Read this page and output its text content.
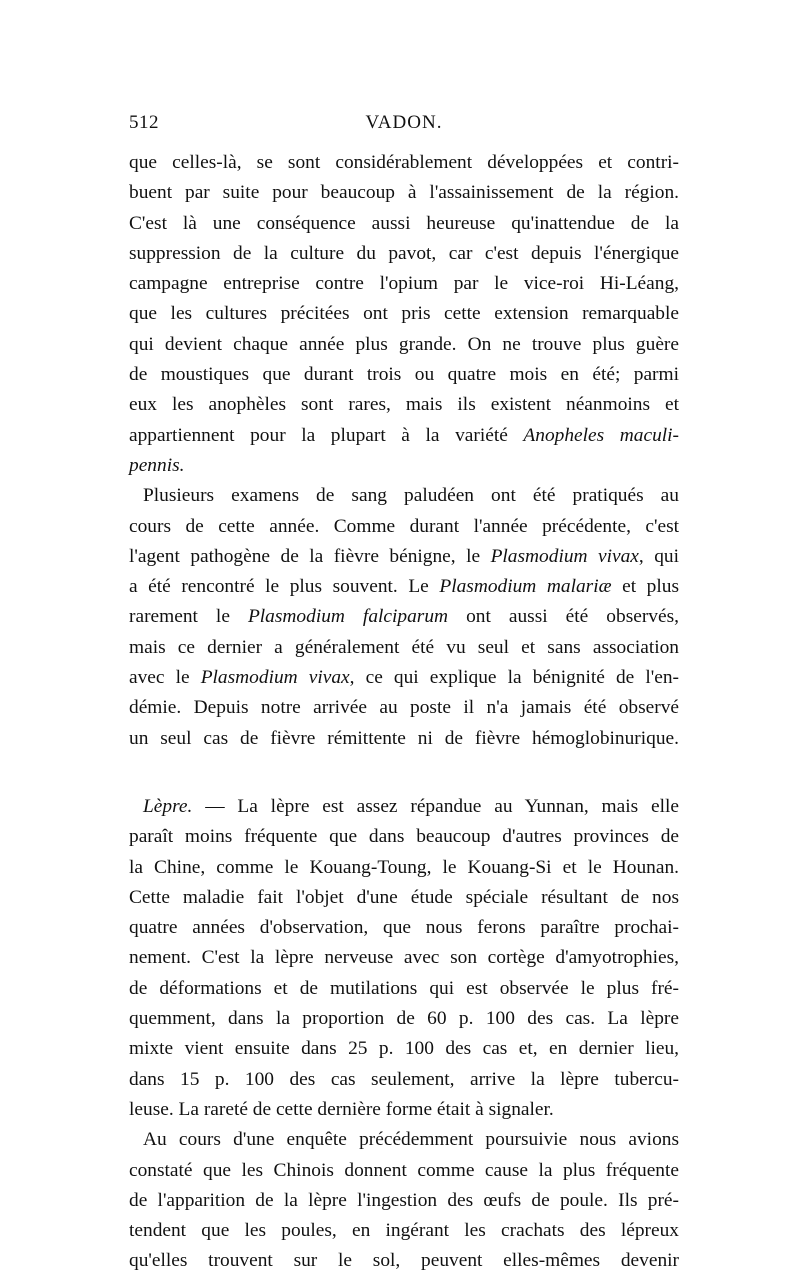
512	VADON.
que celles-là, se sont considérablement développées et contri-
buent par suite pour beaucoup à l'assainissement de la région.
C'est là une conséquence aussi heureuse qu'inattendue de la
suppression de la culture du pavot, car c'est depuis l'énergique
campagne entreprise contre l'opium par le vice-roi Hi-Léang,
que les cultures précitées ont pris cette extension remarquable
qui devient chaque année plus grande. On ne trouve plus guère
de moustiques que durant trois ou quatre mois en été; parmi
eux les anophèles sont rares, mais ils existent néanmoins et
appartiennent pour la plupart à la variété Anopheles maculi-
pennis.
Plusieurs examens de sang paludéen ont été pratiqués au
cours de cette année. Comme durant l'année précédente, c'est
l'agent pathogène de la fièvre bénigne, le Plasmodium vivax, qui
a été rencontré le plus souvent. Le Plasmodium malariæ et plus
rarement le Plasmodium falciparum ont aussi été observés,
mais ce dernier a généralement été vu seul et sans association
avec le Plasmodium vivax, ce qui explique la bénignité de l'en-
démie. Depuis notre arrivée au poste il n'a jamais été observé
un seul cas de fièvre rémittente ni de fièvre hémoglobinurique.
Lèpre. — La lèpre est assez répandue au Yunnan, mais elle
paraît moins fréquente que dans beaucoup d'autres provinces de
la Chine, comme le Kouang-Toung, le Kouang-Si et le Hounan.
Cette maladie fait l'objet d'une étude spéciale résultant de nos
quatre années d'observation, que nous ferons paraître prochai-
nement. C'est la lèpre nerveuse avec son cortège d'amyotrophies,
de déformations et de mutilations qui est observée le plus fré-
quemment, dans la proportion de 60 p. 100 des cas. La lèpre
mixte vient ensuite dans 25 p. 100 des cas et, en dernier lieu,
dans 15 p. 100 des cas seulement, arrive la lèpre tubercu-
leuse. La rareté de cette dernière forme était à signaler.
Au cours d'une enquête précédemment poursuivie nous avions
constaté que les Chinois donnent comme cause la plus fréquente
de l'apparition de la lèpre l'ingestion des œufs de poule. Ils pré-
tendent que les poules, en ingérant les crachats des lépreux
qu'elles trouvent sur le sol, peuvent elles-mêmes devenir
